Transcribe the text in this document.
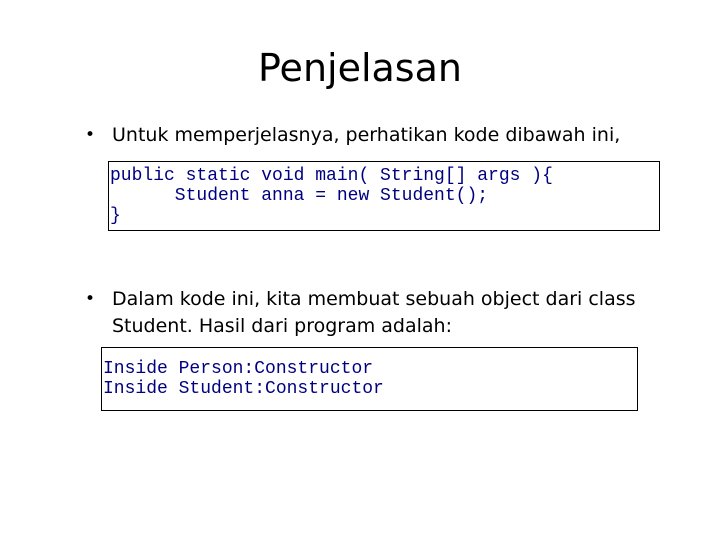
Penjelasan
• Untuk memperjelasnya, perhatikan kode dibawah ini,
public static void main( String[] args ){
Student anna = new Student();
}
• Dalam kode ini, kita membuat sebuah object dari class Student. Hasil dari program adalah:
Inside Person:Constructor
Inside Student:Constructor
